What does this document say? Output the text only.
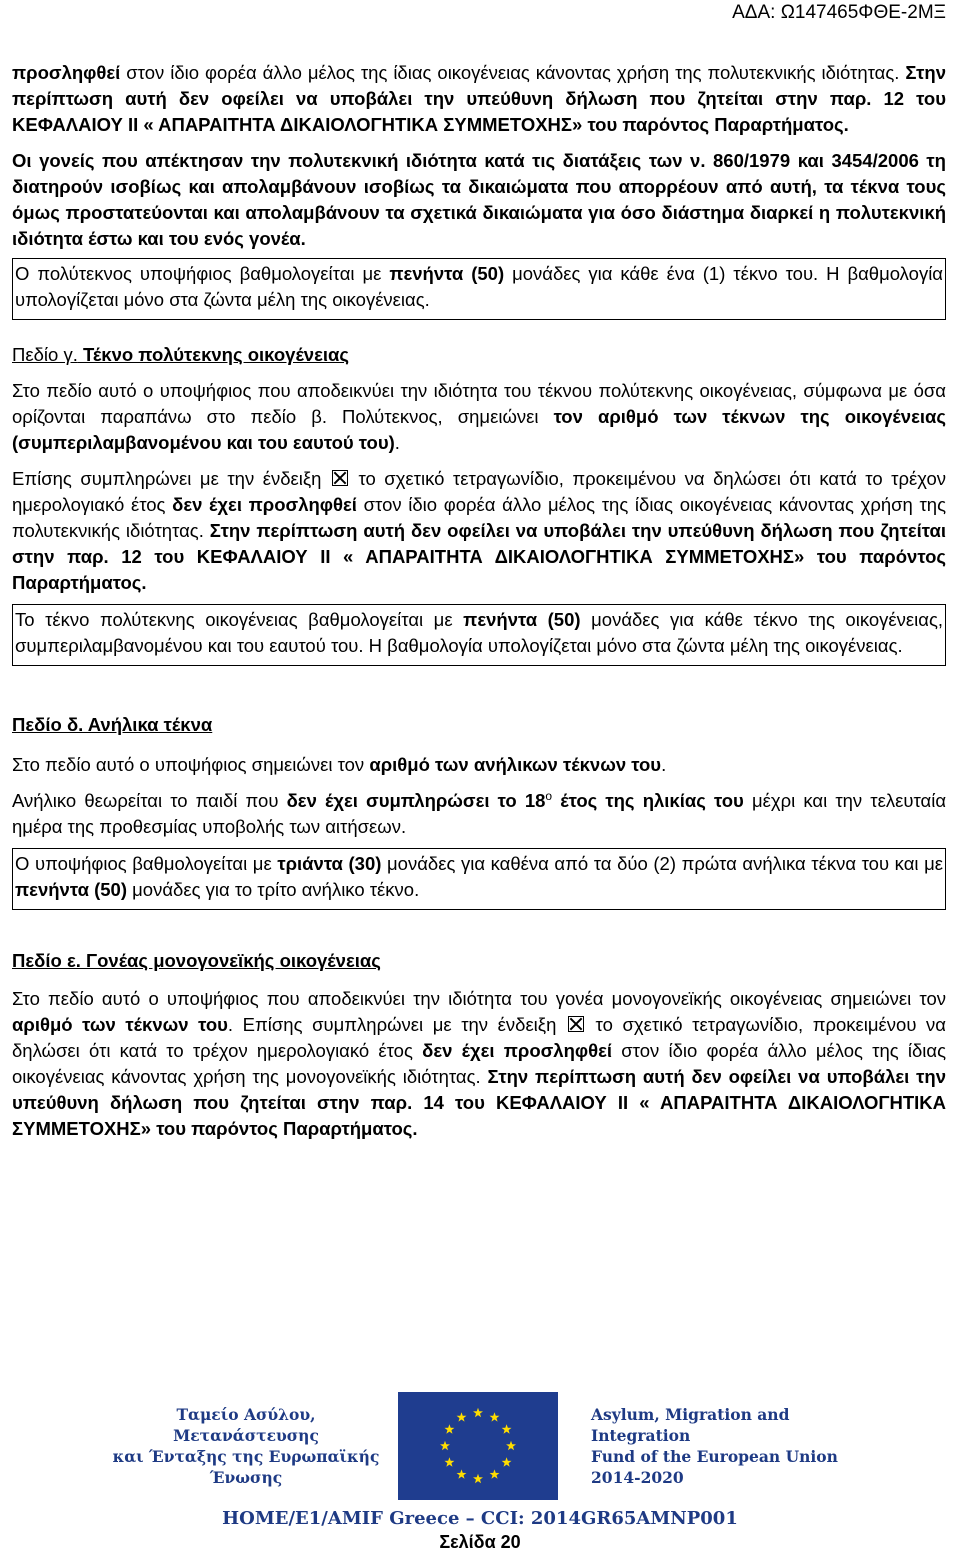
ΑΔΑ: Ω147465ΦΘΕ-2ΜΞ

προσληφθεί στον ίδιο φορέα άλλο μέλος της ίδιας οικογένειας κάνοντας χρήση της πολυτεκνικής ιδιότητας. Στην περίπτωση αυτή δεν οφείλει να υποβάλει την υπεύθυνη δήλωση που ζητείται στην παρ. 12 του ΚΕΦΑΛΑΙΟΥ ΙΙ « ΑΠΑΡΑΙΤΗΤΑ ΔΙΚΑΙΟΛΟΓΗΤΙΚΑ ΣΥΜΜΕΤΟΧΗΣ» του παρόντος Παραρτήματος.

Οι γονείς που απέκτησαν την πολυτεκνική ιδιότητα κατά τις διατάξεις των ν. 860/1979 και 3454/2006 τη διατηρούν ισοβίως και απολαμβάνουν ισοβίως τα δικαιώματα που απορρέουν από αυτή, τα τέκνα τους όμως προστατεύονται και απολαμβάνουν τα σχετικά δικαιώματα για όσο διάστημα διαρκεί η πολυτεκνική ιδιότητα έστω και του ενός γονέα.

Ο πολύτεκνος υποψήφιος βαθμολογείται με πενήντα (50) μονάδες για κάθε ένα (1) τέκνο του. Η βαθμολογία υπολογίζεται μόνο στα ζώντα μέλη της οικογένειας.

Πεδίο γ. Τέκνο πολύτεκνης οικογένειας

Στο πεδίο αυτό ο υποψήφιος που αποδεικνύει την ιδιότητα του τέκνου πολύτεκνης οικογένειας, σύμφωνα με όσα ορίζονται παραπάνω στο πεδίο β. Πολύτεκνος, σημειώνει τον αριθμό των τέκνων της οικογένειας (συμπεριλαμβανομένου και του εαυτού του).

Επίσης συμπληρώνει με την ένδειξη  το σχετικό τετραγωνίδιο, προκειμένου να δηλώσει ότι κατά το τρέχον ημερολογιακό έτος δεν έχει προσληφθεί στον ίδιο φορέα άλλο μέλος της ίδιας οικογένειας κάνοντας χρήση της πολυτεκνικής ιδιότητας. Στην περίπτωση αυτή δεν οφείλει να υποβάλει την υπεύθυνη δήλωση που ζητείται στην παρ. 12 του ΚΕΦΑΛΑΙΟΥ ΙΙ « ΑΠΑΡΑΙΤΗΤΑ ΔΙΚΑΙΟΛΟΓΗΤΙΚΑ ΣΥΜΜΕΤΟΧΗΣ» του παρόντος Παραρτήματος.

Το τέκνο πολύτεκνης οικογένειας βαθμολογείται με πενήντα (50) μονάδες για κάθε τέκνο της οικογένειας, συμπεριλαμβανομένου και του εαυτού του. Η βαθμολογία υπολογίζεται μόνο στα ζώντα μέλη της οικογένειας.

Πεδίο δ. Ανήλικα τέκνα

Στο πεδίο αυτό ο υποψήφιος σημειώνει τον αριθμό των ανήλικων τέκνων του.

Ανήλικο θεωρείται το παιδί που δεν έχει συμπληρώσει το $18^o$ έτος της ηλικίας του μέχρι και την τελευταία ημέρα της προθεσμίας υποβολής των αιτήσεων.

Ο υποψήφιος βαθμολογείται με τριάντα (30) μονάδες για καθένα από τα δύο (2) πρώτα ανήλικα τέκνα του και με πενήντα (50) μονάδες για το τρίτο ανήλικο τέκνο.

Πεδίο ε. Γονέας μονογονεϊκής οικογένειας

Στο πεδίο αυτό ο υποψήφιος που αποδεικνύει την ιδιότητα του γονέα μονογονεϊκής οικογένειας σημειώνει τον αριθμό των τέκνων του. Επίσης συμπληρώνει με την ένδειξη  το σχετικό τετραγωνίδιο, προκειμένου να δηλώσει ότι κατά το τρέχον ημερολογιακό έτος δεν έχει προσληφθεί στον ίδιο φορέα άλλο μέλος της ίδιας οικογένειας κάνοντας χρήση της μονογονεϊκής ιδιότητας. Στην περίπτωση αυτή δεν οφείλει να υποβάλει την υπεύθυνη δήλωση που ζητείται στην παρ. 14 του ΚΕΦΑΛΑΙΟΥ ΙΙ « ΑΠΑΡΑΙΤΗΤΑ ΔΙΚΑΙΟΛΟΓΗΤΙΚΑ ΣΥΜΜΕΤΟΧΗΣ» του παρόντος Παραρτήματος.

Ταμείο Ασύλου, Μετανάστευσης
και Ένταξης της Ευρωπαϊκής
Ένωσης
Asylum, Migration and Integration
Fund of the European Union
2014-2020
HOME/E1/AMIF Greece – CCI: 2014GR65AMNP001
Σελίδα 20
